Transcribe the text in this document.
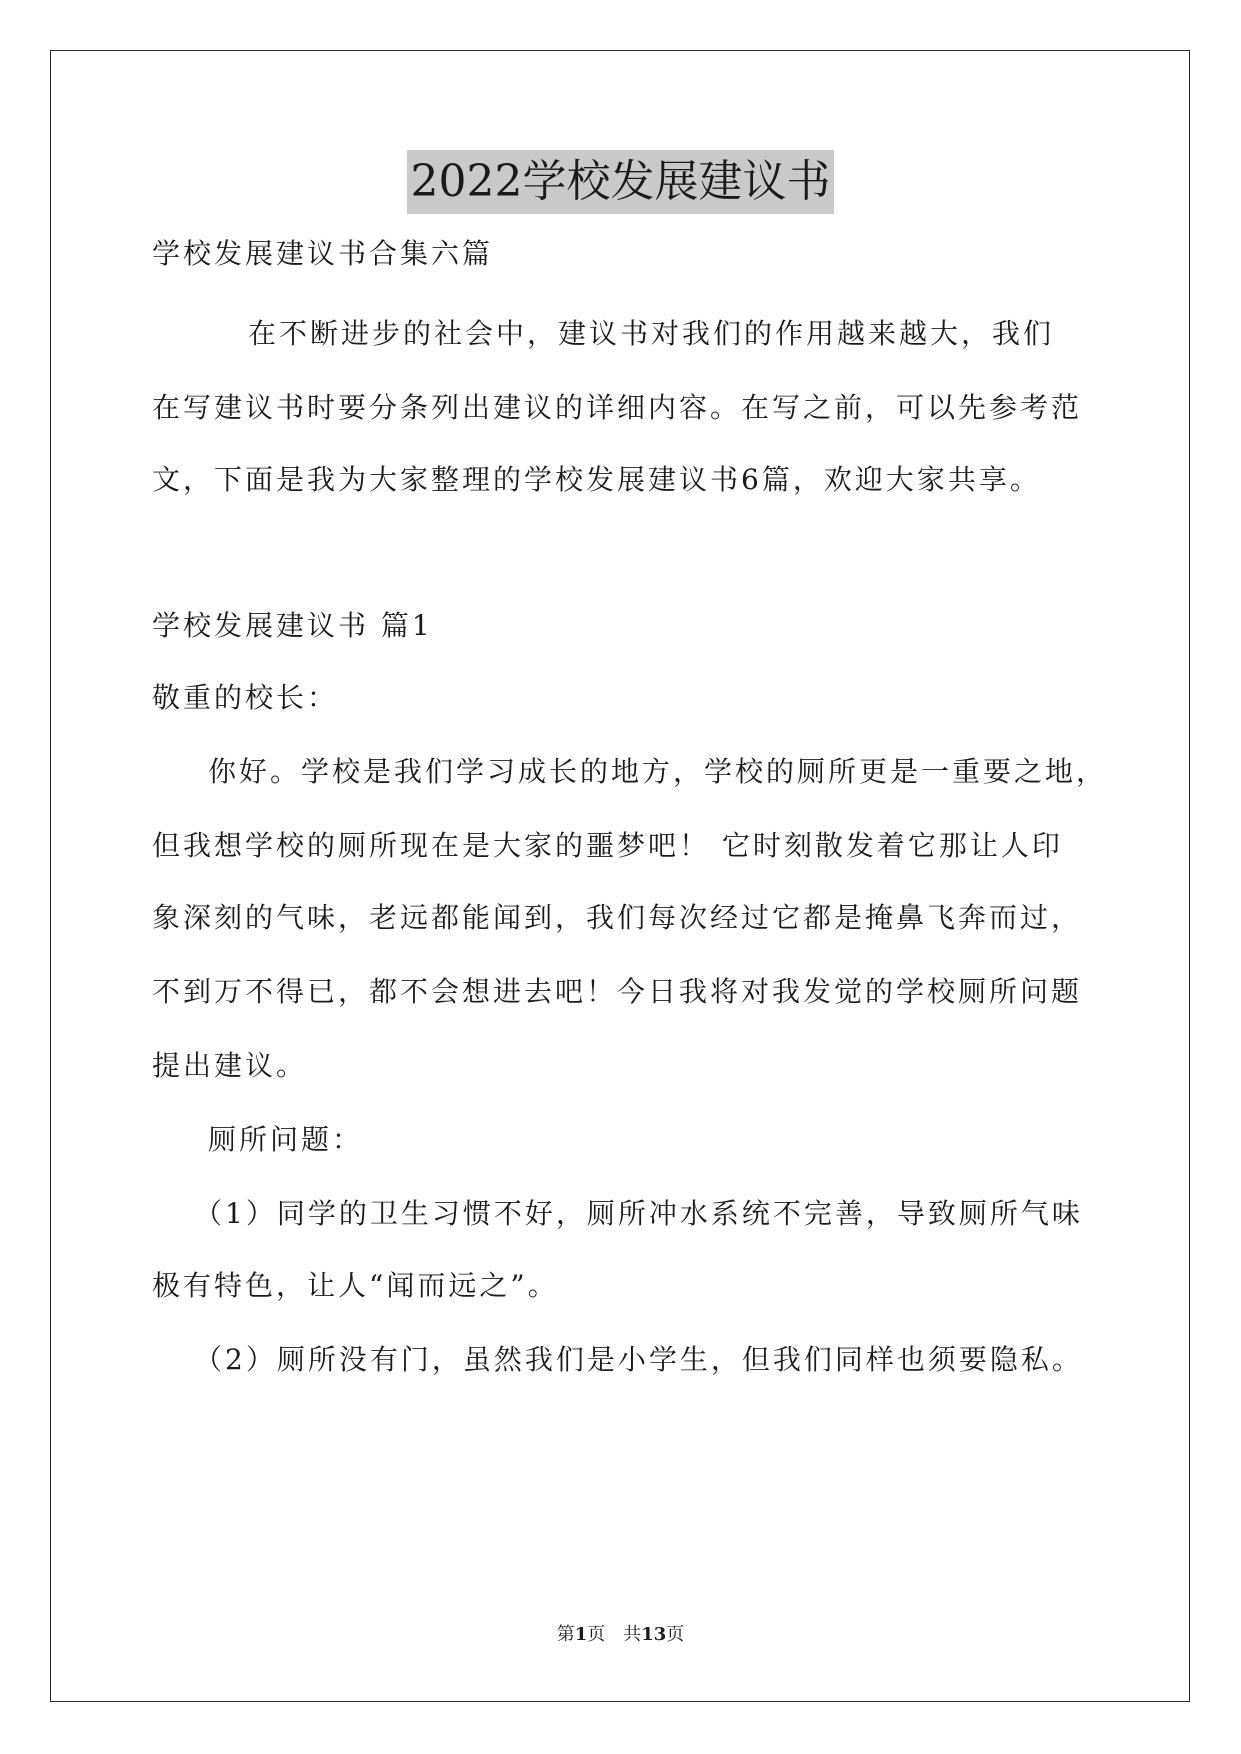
2022学校发展建议书
学校发展建议书合集六篇
在不断进步的社会中，建议书对我们的作用越来越大，我们
在写建议书时要分条列出建议的详细内容。在写之前，可以先参考范
文，下面是我为大家整理的学校发展建议书6篇，欢迎大家共享。
学校发展建议书 篇1
敬重的校长：
你好。学校是我们学习成长的地方，学校的厕所更是一重要之地，
但我想学校的厕所现在是大家的噩梦吧！ 它时刻散发着它那让人印
象深刻的气味，老远都能闻到，我们每次经过它都是掩鼻飞奔而过，
不到万不得已，都不会想进去吧！今日我将对我发觉的学校厕所问题
提出建议。
厕所问题：
（1）同学的卫生习惯不好，厕所冲水系统不完善，导致厕所气味
极有特色，让人“闻而远之”。
（2）厕所没有门，虽然我们是小学生，但我们同样也须要隐私。
第1页　共13页
